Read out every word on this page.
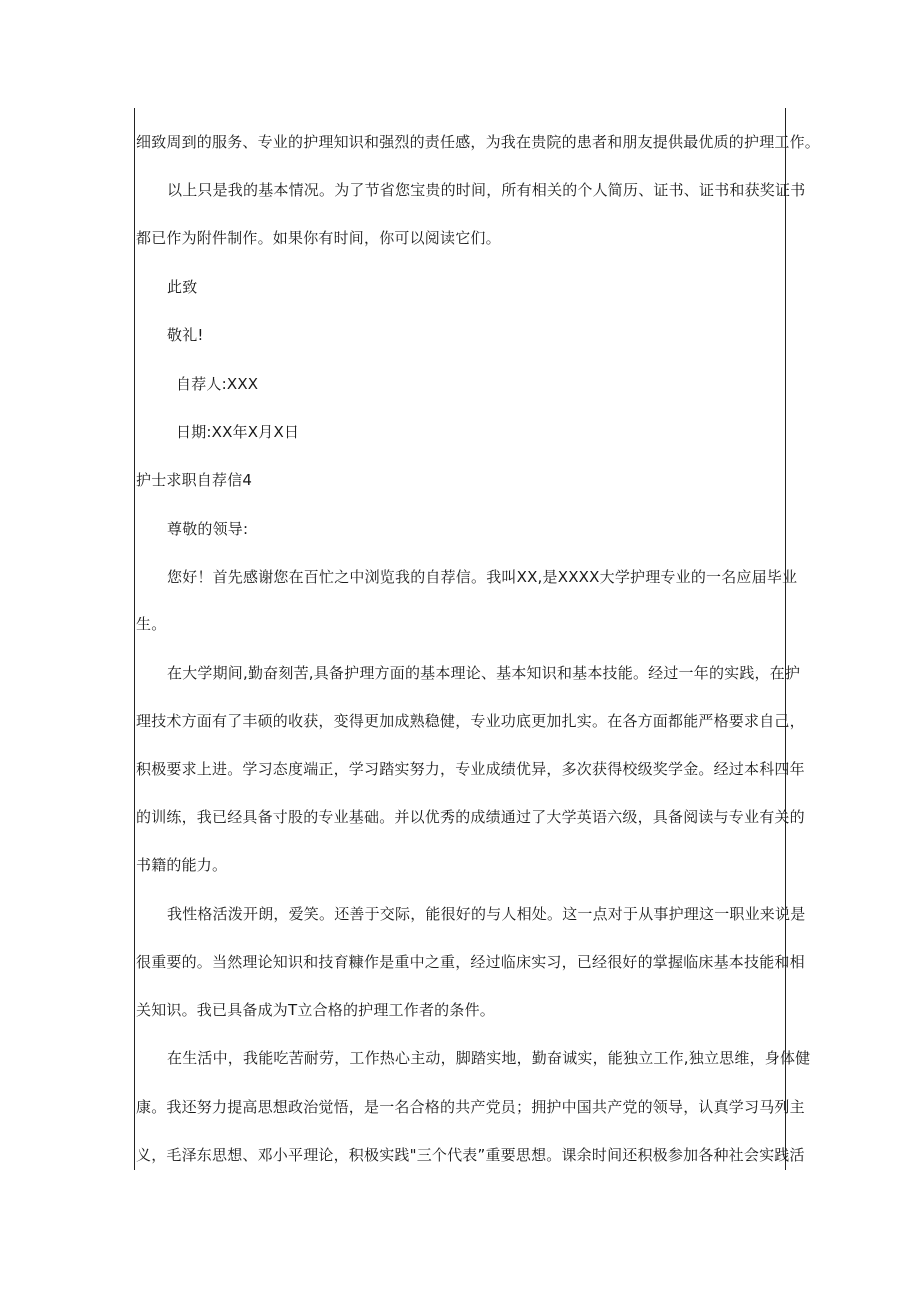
细致周到的服务、专业的护理知识和强烈的责任感，为我在贵院的患者和朋友提供最优质的护理工作。
以上只是我的基本情况。为了节省您宝贵的时间，所有相关的个人简历、证书、证书和获奖证书
都已作为附件制作。如果你有时间，你可以阅读它们。
此致
敬礼!
自荐人:XXX
日期:XX年X月X日
护士求职自荐信4
尊敬的领导:
您好！首先感谢您在百忙之中浏览我的自荐信。我叫XX,是XXXX大学护理专业的一名应届毕业
生。
在大学期间,勤奋刻苦,具备护理方面的基本理论、基本知识和基本技能。经过一年的实践，在护
理技术方面有了丰硕的收获，变得更加成熟稳健，专业功底更加扎实。在各方面都能严格要求自己，
积极要求上进。学习态度端正，学习踏实努力，专业成绩优异，多次获得校级奖学金。经过本科四年
的训练，我已经具备寸股的专业基础。并以优秀的成绩通过了大学英语六级，具备阅读与专业有关的
书籍的能力。
我性格活泼开朗，爱笑。还善于交际，能很好的与人相处。这一点对于从事护理这一职业来说是
很重要的。当然理论知识和技育糠作是重中之重，经过临床实习，已经很好的掌握临床基本技能和相
关知识。我已具备成为T立合格的护理工作者的条件。
在生活中，我能吃苦耐劳，工作热心主动，脚踏实地，勤奋诚实，能独立工作,独立思维，身体健
康。我还努力提高思想政治觉悟，是一名合格的共产党员；拥护中国共产党的领导，认真学习马列主
义，毛泽东思想、邓小平理论，积极实践"三个代表”重要思想。课余时间还积极参加各种社会实践活
